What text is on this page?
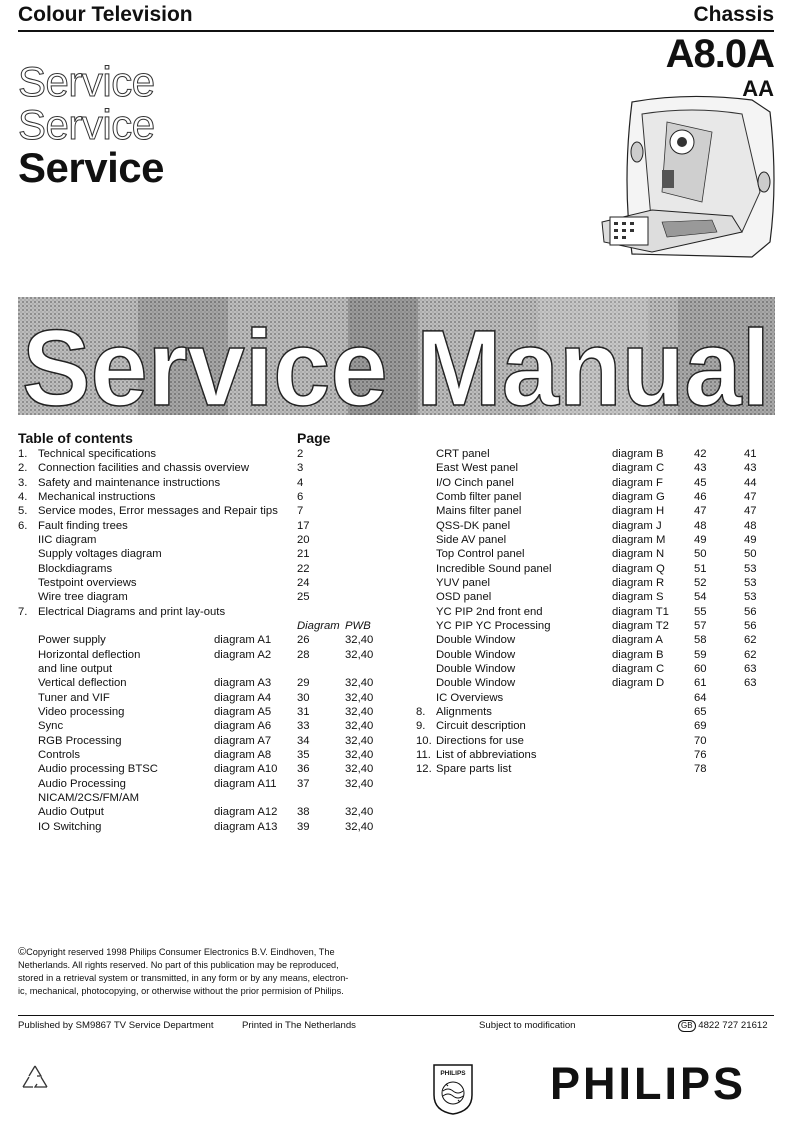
Colour Television	Chassis
A8.0A
AA
Service
Service
Service
Service Manual
Table of contents	Page
1. Technical specifications	2
2. Connection facilities and chassis overview	3
3. Safety and maintenance instructions	4
4. Mechanical instructions	6
5. Service modes, Error messages and Repair tips 7
6. Fault finding trees	17
IIC diagram	20
Supply voltages diagram	21
Blockdiagrams	22
Testpoint overviews	24
Wire tree diagram	25
7. Electrical Diagrams and print lay-outs
Diagram PWB
Power supply	diagram A1 26	32,40
Horizontal deflection	diagram A2 28	32,40
and line output
Vertical deflection	diagram A3 29	32,40
Tuner and VIF	diagram A4 30	32,40
Video processing	diagram A5 31	32,40
Sync	diagram A6 33	32,40
RGB Processing	diagram A7 34	32,40
Controls	diagram A8 35	32,40
Audio processing BTSC	diagram A10 36	32,40
Audio Processing	diagram A11 37	32,40
NICAM/2CS/FM/AM
Audio Output	diagram A12 38	32,40
IO Switching	diagram A13 39	32,40
CRT panel	diagram B	42	41
East West panel	diagram C	43	43
I/O Cinch panel	diagram F	45	44
Comb filter panel	diagram G	46	47
Mains filter panel	diagram H	47	47
QSS-DK panel	diagram J	48	48
Side AV panel	diagram M	49	49
Top Control panel	diagram N	50	50
Incredible Sound panel	diagram Q	51	53
YUV panel	diagram R	52	53
OSD panel	diagram S	54	53
YC PIP 2nd front end	diagram T1 55	56
YC PIP YC Processing	diagram T2 57	56
Double Window	diagram A	58	62
Double Window	diagram B	59	62
Double Window	diagram C	60	63
Double Window	diagram D	61	63
IC Overviews	64
8. Alignments	65
9. Circuit description	69
10. Directions for use	70
11. List of abbreviations	76
12. Spare parts list	78
©Copyright reserved 1998 Philips Consumer Electronics B.V. Eindhoven, The
Netherlands. All rights reserved. No part of this publication may be reproduced,
stored in a retrieval system or transmitted, in any form or by any means, electron-
ic, mechanical, photocopying, or otherwise without the prior permision of Philips.
Published by SM9867 TV Service Department	Printed in The Netherlands	Subject to modification	GB 4822 727 21612
PHILIPS PHILIPS
